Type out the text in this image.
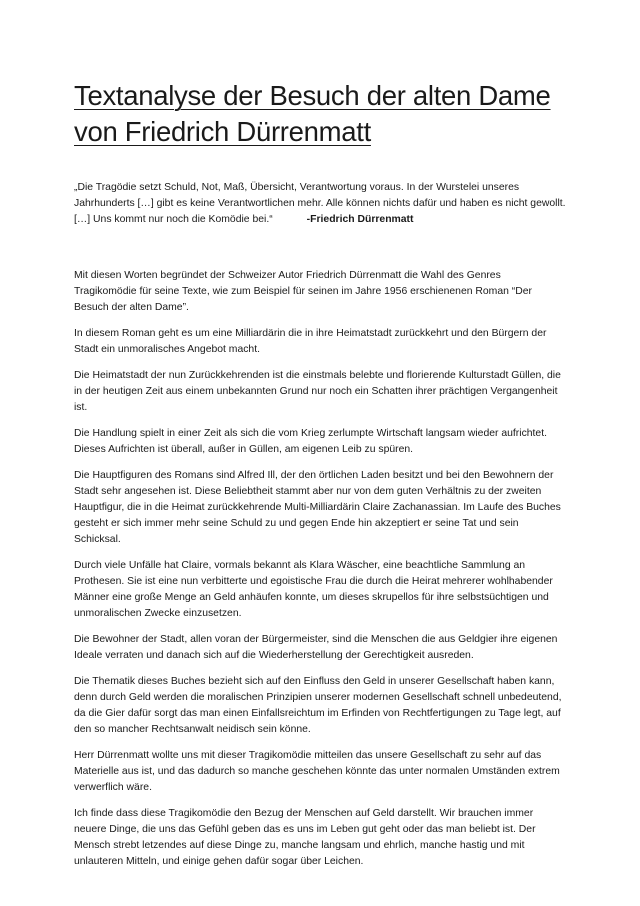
Textanalyse der Besuch der alten Dame
von Friedrich Dürrenmatt

„Die Tragödie setzt Schuld, Not, Maß, Übersicht, Verantwortung voraus. In der Wurstelei unseres Jahrhunderts […] gibt es keine Verantwortlichen mehr. Alle können nichts dafür und haben es nicht gewollt. […] Uns kommt nur noch die Komödie bei.“	-Friedrich Dürrenmatt

Mit diesen Worten begründet der Schweizer Autor Friedrich Dürrenmatt die Wahl des Genres Tragikomödie für seine Texte, wie zum Beispiel für seinen im Jahre 1956 erschienenen Roman “Der Besuch der alten Dame”.

In diesem Roman geht es um eine Milliardärin die in ihre Heimatstadt zurückkehrt und den Bürgern der Stadt ein unmoralisches Angebot macht.

Die Heimatstadt der nun Zurückkehrenden ist die einstmals belebte und florierende Kulturstadt Güllen, die in der heutigen Zeit aus einem unbekannten Grund nur noch ein Schatten ihrer prächtigen Vergangenheit ist.

Die Handlung spielt in einer Zeit als sich die vom Krieg zerlumpte Wirtschaft langsam wieder aufrichtet. Dieses Aufrichten ist überall, außer in Güllen, am eigenen Leib zu spüren.

Die Hauptfiguren des Romans sind Alfred Ill, der den örtlichen Laden besitzt und bei den Bewohnern der Stadt sehr angesehen ist. Diese Beliebtheit stammt aber nur von dem guten Verhältnis zu der zweiten Hauptfigur, die in die Heimat zurückkehrende Multi-Milliardärin Claire Zachanassian. Im Laufe des Buches gesteht er sich immer mehr seine Schuld zu und gegen Ende hin akzeptiert er seine Tat und sein Schicksal.

Durch viele Unfälle hat Claire, vormals bekannt als Klara Wäscher, eine beachtliche Sammlung an Prothesen. Sie ist eine nun verbitterte und egoistische Frau die durch die Heirat mehrerer wohlhabender Männer eine große Menge an Geld anhäufen konnte, um dieses skrupellos für ihre selbstsüchtigen und unmoralischen Zwecke einzusetzen.

Die Bewohner der Stadt, allen voran der Bürgermeister, sind die Menschen die aus Geldgier ihre eigenen Ideale verraten und danach sich auf die Wiederherstellung der Gerechtigkeit ausreden.

Die Thematik dieses Buches bezieht sich auf den Einfluss den Geld in unserer Gesellschaft haben kann, denn durch Geld werden die moralischen Prinzipien unserer modernen Gesellschaft schnell unbedeutend, da die Gier dafür sorgt das man einen Einfallsreichtum im Erfinden von Rechtfertigungen zu Tage legt, auf den so mancher Rechtsanwalt neidisch sein könne.

Herr Dürrenmatt wollte uns mit dieser Tragikomödie mitteilen das unsere Gesellschaft zu sehr auf das Materielle aus ist, und das dadurch so manche geschehen könnte das unter normalen Umständen extrem verwerflich wäre.

Ich finde dass diese Tragikomödie den Bezug der Menschen auf Geld darstellt. Wir brauchen immer neuere Dinge, die uns das Gefühl geben das es uns im Leben gut geht oder das man beliebt ist. Der Mensch strebt letzendes auf diese Dinge zu, manche langsam und ehrlich, manche hastig und mit unlauteren Mitteln, und einige gehen dafür sogar über Leichen.
